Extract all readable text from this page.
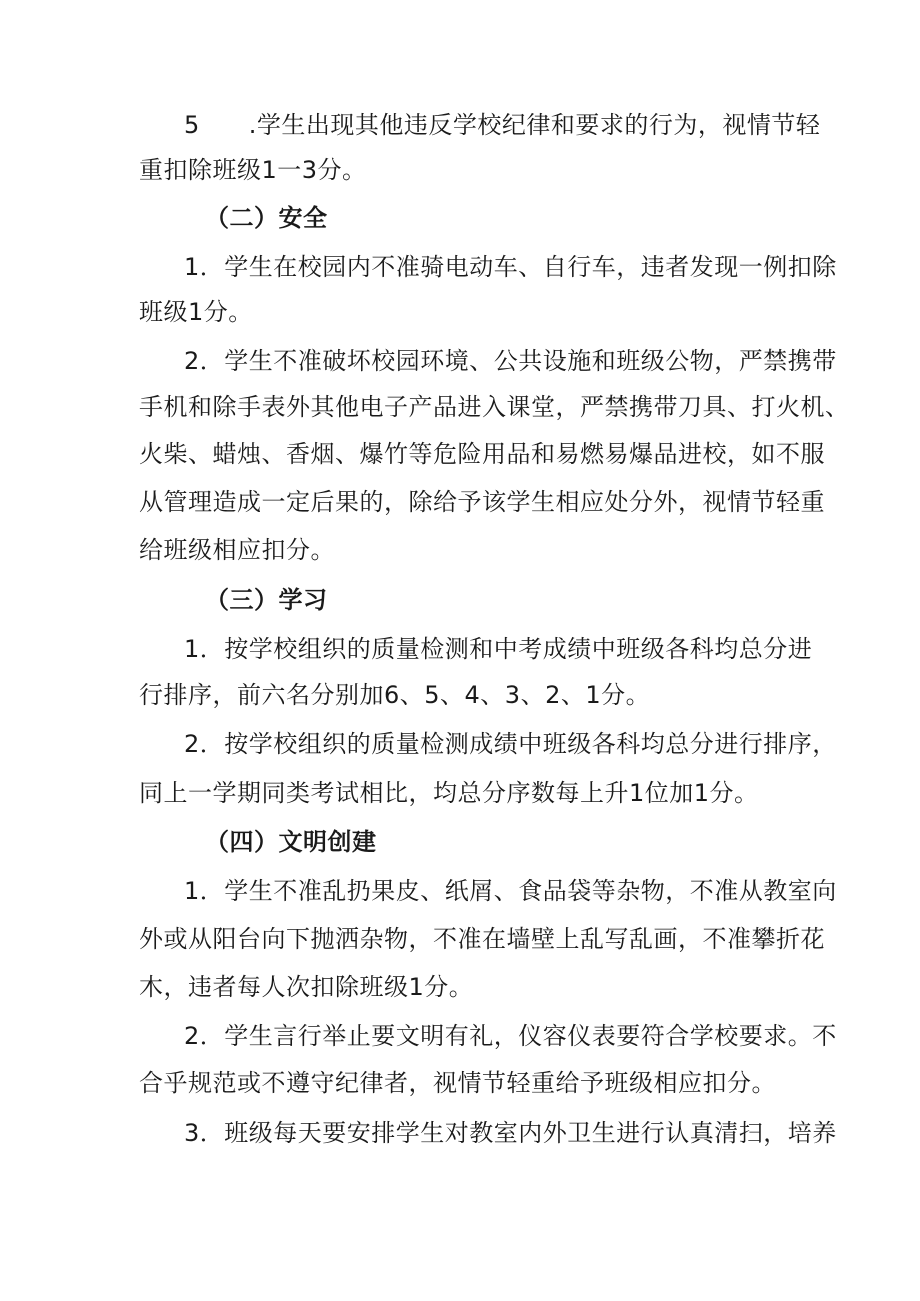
5　　.学生出现其他违反学校纪律和要求的行为，视情节轻
重扣除班级1一3分。
（二）安全
1．学生在校园内不准骑电动车、自行车，违者发现一例扣除
班级1分。
2．学生不准破坏校园环境、公共设施和班级公物，严禁携带
手机和除手表外其他电子产品进入课堂，严禁携带刀具、打火机、
火柴、蜡烛、香烟、爆竹等危险用品和易燃易爆品进校，如不服
从管理造成一定后果的，除给予该学生相应处分外，视情节轻重
给班级相应扣分。
（三）学习
1．按学校组织的质量检测和中考成绩中班级各科均总分进
行排序，前六名分别加6、5、4、3、2、1分。
2．按学校组织的质量检测成绩中班级各科均总分进行排序，
同上一学期同类考试相比，均总分序数每上升1位加1分。
（四）文明创建
1．学生不准乱扔果皮、纸屑、食品袋等杂物，不准从教室向
外或从阳台向下抛洒杂物，不准在墙壁上乱写乱画，不准攀折花
木，违者每人次扣除班级1分。
2．学生言行举止要文明有礼，仪容仪表要符合学校要求。不
合乎规范或不遵守纪律者，视情节轻重给予班级相应扣分。
3．班级每天要安排学生对教室内外卫生进行认真清扫，培养
